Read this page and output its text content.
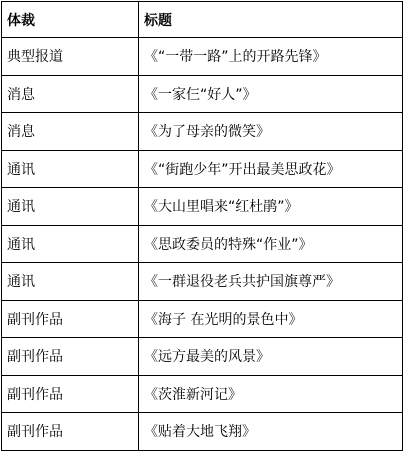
体裁	标题
典型报道	《“一带一路”上的开路先锋》
消息	《一家仨“好人”》
消息	《为了母亲的微笑》
通讯	《“街跑少年”开出最美思政花》
通讯	《大山里唱来“红杜鹃”》
通讯	《思政委员的特殊“作业”》
通讯	《一群退役老兵共护国旗尊严》
副刊作品	《海子 在光明的景色中》
副刊作品	《远方最美的风景》
副刊作品	《茨淮新河记》
副刊作品	《贴着大地飞翔》
